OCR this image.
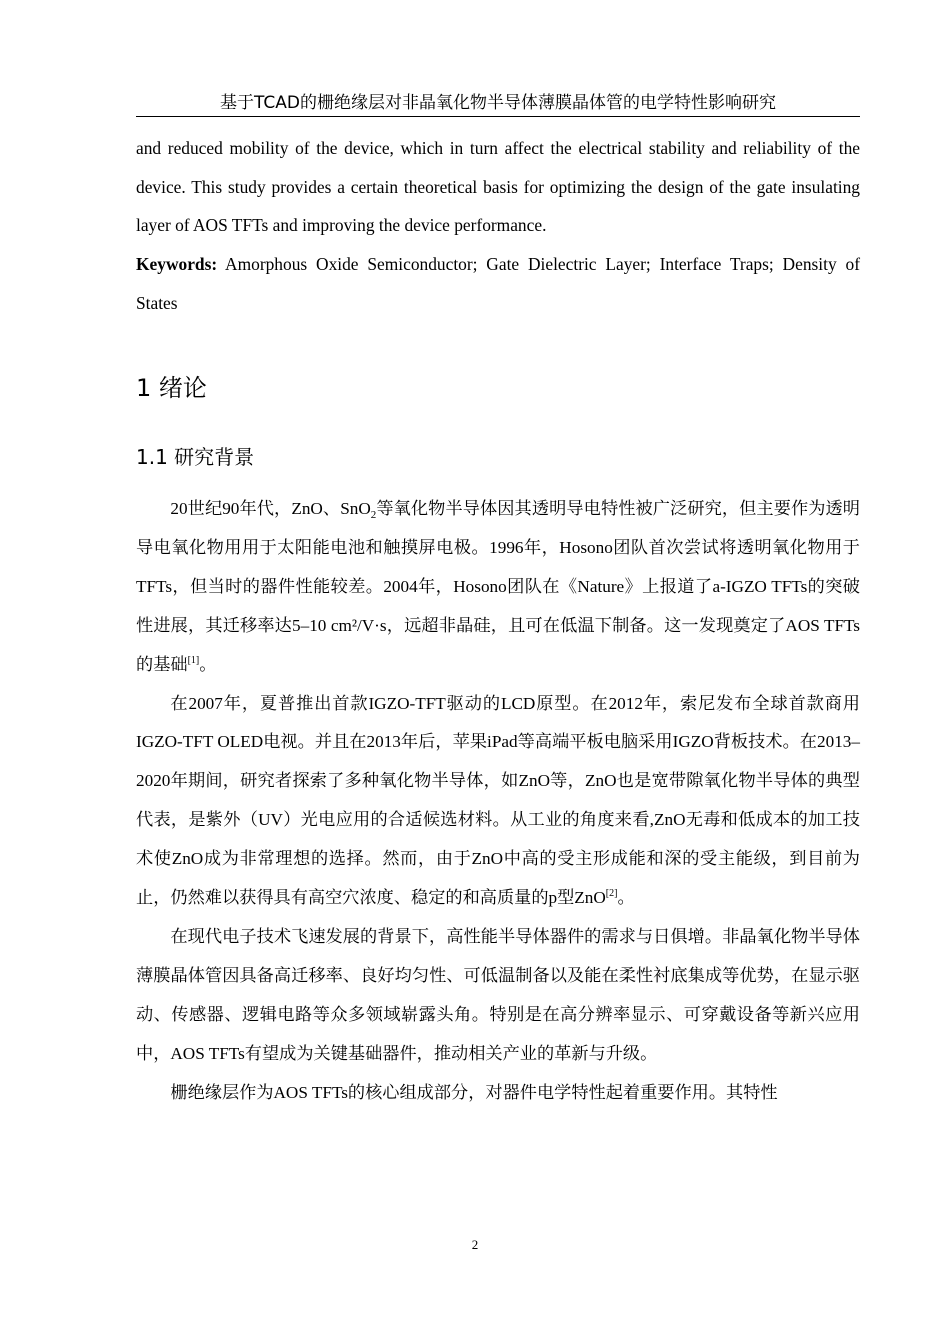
基于TCAD的栅绝缘层对非晶氧化物半导体薄膜晶体管的电学特性影响研究

and reduced mobility of the device, which in turn affect the electrical stability and reliability of the device. This study provides a certain theoretical basis for optimizing the design of the gate insulating layer of AOS TFTs and improving the device performance.

Keywords: Amorphous Oxide Semiconductor; Gate Dielectric Layer; Interface Traps; Density of States

1 绪论
1.1 研究背景

20世纪90年代，ZnO、SnO$_2$等氧化物半导体因其透明导电特性被广泛研究，但主要作为透明导电氧化物用用于太阳能电池和触摸屏电极。1996年，Hosono团队首次尝试将透明氧化物用于TFTs，但当时的器件性能较差。2004年，Hosono团队在《Nature》上报道了a-IGZO TFTs的突破性进展，其迁移率达5–10 cm²/V·s，远超非晶硅，且可在低温下制备。这一发现奠定了AOS TFTs的基础[1]。

在2007年，夏普推出首款IGZO-TFT驱动的LCD原型。在2012年，索尼发布全球首款商用IGZO-TFT OLED电视。并且在2013年后，苹果iPad等高端平板电脑采用IGZO背板技术。在2013–2020年期间，研究者探索了多种氧化物半导体，如ZnO等，ZnO也是宽带隙氧化物半导体的典型代表，是紫外（UV）光电应用的合适候选材料。从工业的角度来看,ZnO无毒和低成本的加工技术使ZnO成为非常理想的选择。然而，由于ZnO中高的受主形成能和深的受主能级，到目前为止，仍然难以获得具有高空穴浓度、稳定的和高质量的p型ZnO[2]。

在现代电子技术飞速发展的背景下，高性能半导体器件的需求与日俱增。非晶氧化物半导体薄膜晶体管因具备高迁移率、良好均匀性、可低温制备以及能在柔性衬底集成等优势，在显示驱动、传感器、逻辑电路等众多领域崭露头角。特别是在高分辨率显示、可穿戴设备等新兴应用中，AOS TFTs有望成为关键基础器件，推动相关产业的革新与升级。

栅绝缘层作为AOS TFTs的核心组成部分，对器件电学特性起着重要作用。其特性

2
